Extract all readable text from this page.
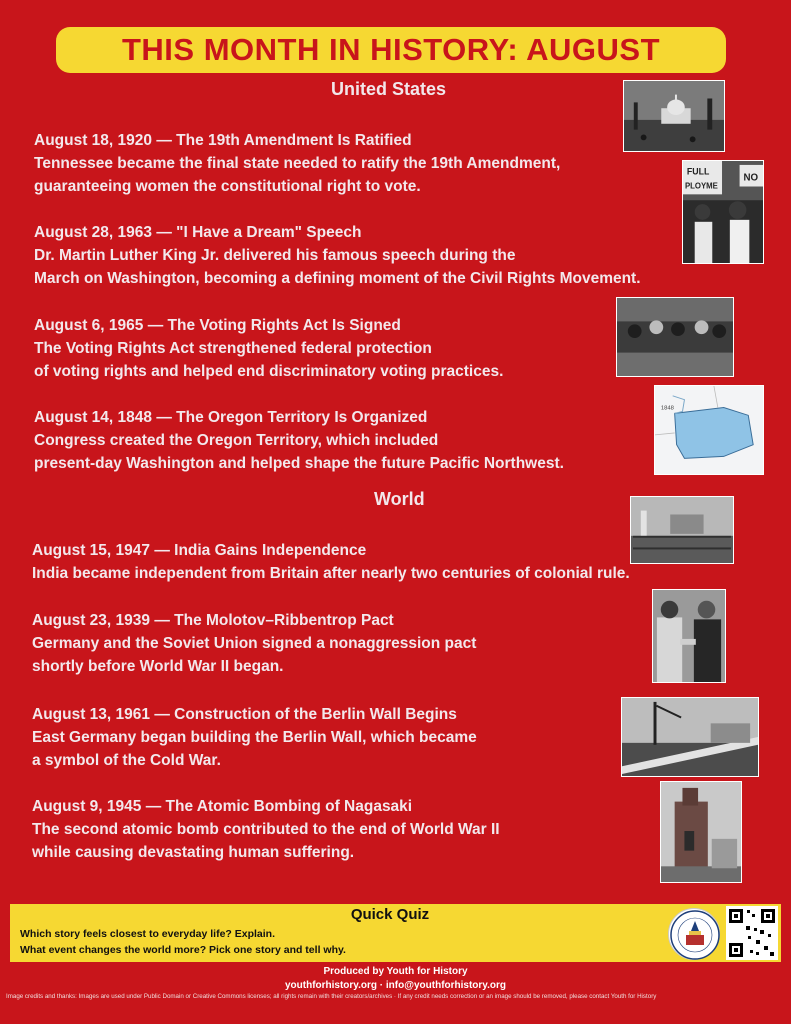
THIS MONTH IN HISTORY: AUGUST
United States
August 18, 1920 — The 19th Amendment Is Ratified
Tennessee became the final state needed to ratify the 19th Amendment,
guaranteeing women the constitutional right to vote.
August 28, 1963 — "I Have a Dream" Speech
Dr. Martin Luther King Jr. delivered his famous speech during the
March on Washington, becoming a defining moment of the Civil Rights Movement.
August 6, 1965 — The Voting Rights Act Is Signed
The Voting Rights Act strengthened federal protection
of voting rights and helped end discriminatory voting practices.
August 14, 1848 — The Oregon Territory Is Organized
Congress created the Oregon Territory, which included
present-day Washington and helped shape the future Pacific Northwest.
World
August 15, 1947 — India Gains Independence
India became independent from Britain after nearly two centuries of colonial rule.
August 23, 1939 — The Molotov–Ribbentrop Pact
Germany and the Soviet Union signed a nonaggression pact
shortly before World War II began.
August 13, 1961 — Construction of the Berlin Wall Begins
East Germany began building the Berlin Wall, which became
a symbol of the Cold War.
August 9, 1945 — The Atomic Bombing of Nagasaki
The second atomic bomb contributed to the end of World War II
while causing devastating human suffering.
FULL
PLOYME
NO
1848
Quick Quiz
Which story feels closest to everyday life? Explain.
What event changes the world more? Pick one story and tell why.
Produced by Youth for History
youthforhistory.org · info@youthforhistory.org
Image credits and thanks: Images are used under Public Domain or Creative Commons licenses; all rights remain with their creators/archives · If any credit needs correction or an image should be removed, please contact Youth for History
